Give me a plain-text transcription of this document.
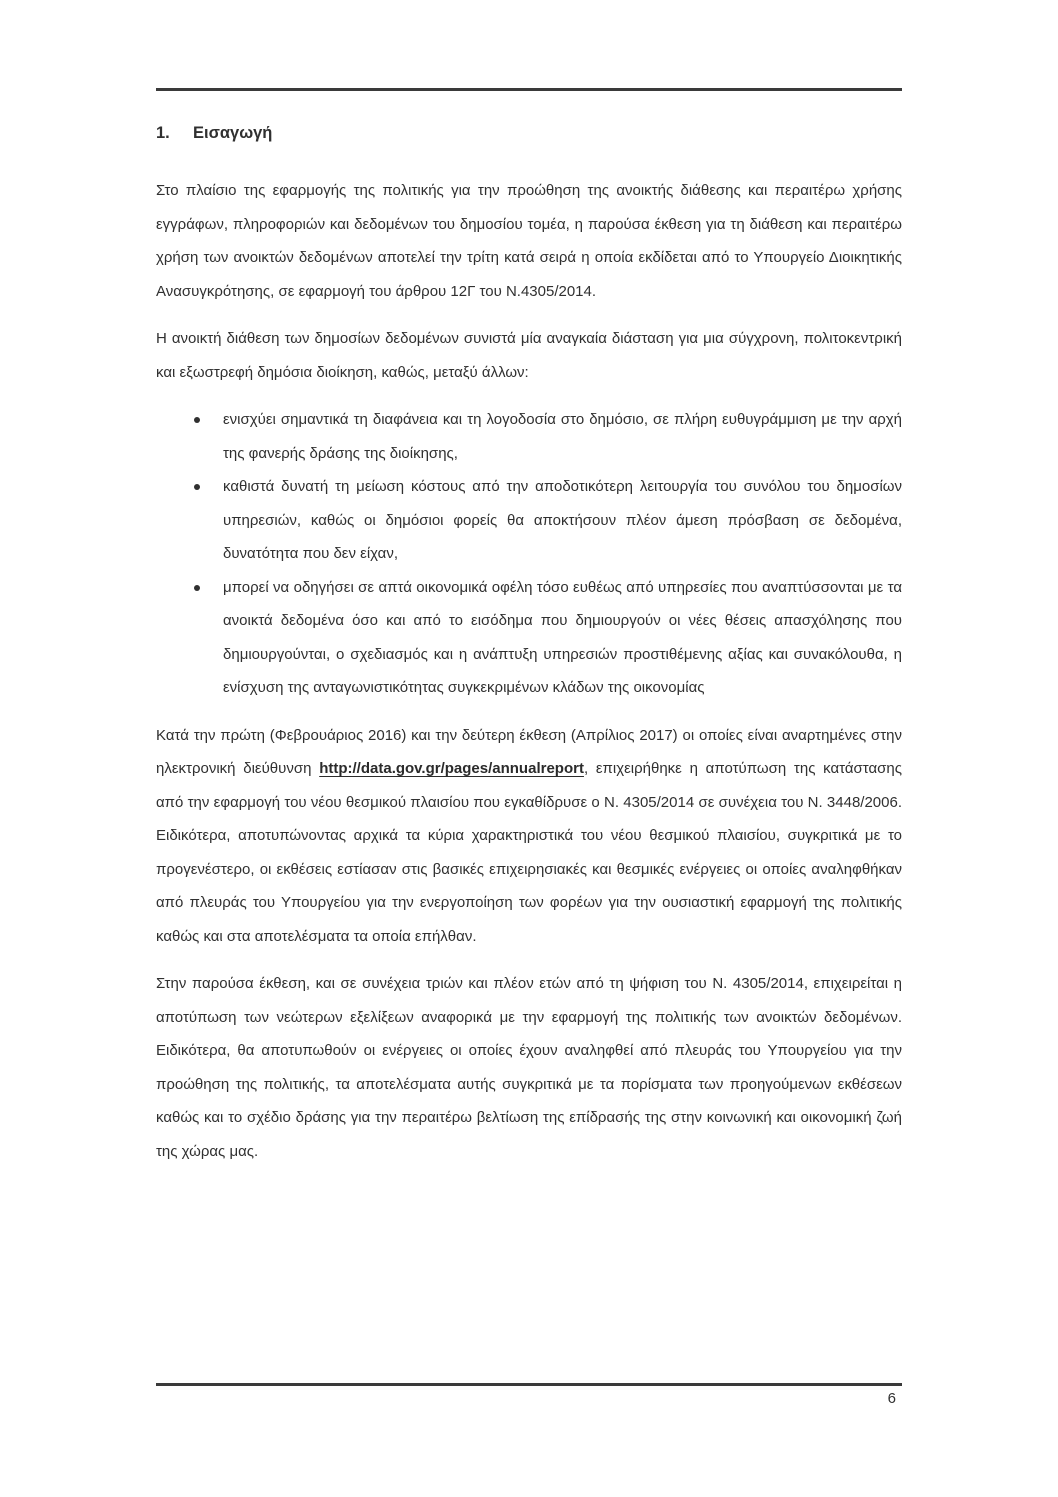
1. Εισαγωγή

Στο πλαίσιο της εφαρμογής της πολιτικής για την προώθηση της ανοικτής διάθεσης και περαιτέρω χρήσης εγγράφων, πληροφοριών και δεδομένων του δημοσίου τομέα, η παρούσα έκθεση για τη διάθεση και περαιτέρω χρήση των ανοικτών δεδομένων αποτελεί την τρίτη κατά σειρά η οποία εκδίδεται από το Υπουργείο Διοικητικής Ανασυγκρότησης, σε εφαρμογή του άρθρου 12Γ του Ν.4305/2014.

Η ανοικτή διάθεση των δημοσίων δεδομένων συνιστά μία αναγκαία διάσταση για μια σύγχρονη, πολιτοκεντρική και εξωστρεφή δημόσια διοίκηση, καθώς, μεταξύ άλλων:

ενισχύει σημαντικά τη διαφάνεια και τη λογοδοσία στο δημόσιο, σε πλήρη ευθυγράμμιση με την αρχή της φανερής δράσης της διοίκησης,
καθιστά δυνατή τη μείωση κόστους από την αποδοτικότερη λειτουργία του συνόλου του δημοσίων υπηρεσιών, καθώς οι δημόσιοι φορείς θα αποκτήσουν πλέον άμεση πρόσβαση σε δεδομένα, δυνατότητα που δεν είχαν,
μπορεί να οδηγήσει σε απτά οικονομικά οφέλη τόσο ευθέως από υπηρεσίες που αναπτύσσονται με τα ανοικτά δεδομένα όσο και από το εισόδημα που δημιουργούν οι νέες θέσεις απασχόλησης που δημιουργούνται, ο σχεδιασμός και η ανάπτυξη υπηρεσιών προστιθέμενης αξίας και συνακόλουθα, η ενίσχυση της ανταγωνιστικότητας συγκεκριμένων κλάδων της οικονομίας

Κατά την πρώτη (Φεβρουάριος 2016) και την δεύτερη έκθεση (Απρίλιος 2017) οι οποίες είναι αναρτημένες στην ηλεκτρονική διεύθυνση http://data.gov.gr/pages/annualreport, επιχειρήθηκε η αποτύπωση της κατάστασης από την εφαρμογή του νέου θεσμικού πλαισίου που εγκαθίδρυσε ο Ν. 4305/2014 σε συνέχεια του Ν. 3448/2006. Ειδικότερα, αποτυπώνοντας αρχικά τα κύρια χαρακτηριστικά του νέου θεσμικού πλαισίου, συγκριτικά με το προγενέστερο, οι εκθέσεις εστίασαν στις βασικές επιχειρησιακές και θεσμικές ενέργειες οι οποίες αναληφθήκαν από πλευράς του Υπουργείου για την ενεργοποίηση των φορέων για την ουσιαστική εφαρμογή της πολιτικής καθώς και στα αποτελέσματα τα οποία επήλθαν.

Στην παρούσα έκθεση, και σε συνέχεια τριών και πλέον ετών από τη ψήφιση του Ν. 4305/2014, επιχειρείται η αποτύπωση των νεώτερων εξελίξεων αναφορικά με την εφαρμογή της πολιτικής των ανοικτών δεδομένων. Ειδικότερα, θα αποτυπωθούν οι ενέργειες οι οποίες έχουν αναληφθεί από πλευράς του Υπουργείου για την προώθηση της πολιτικής, τα αποτελέσματα αυτής συγκριτικά με τα πορίσματα των προηγούμενων εκθέσεων καθώς και το σχέδιο δράσης για την περαιτέρω βελτίωση της επίδρασής της στην κοινωνική και οικονομική ζωή της χώρας μας.

6
